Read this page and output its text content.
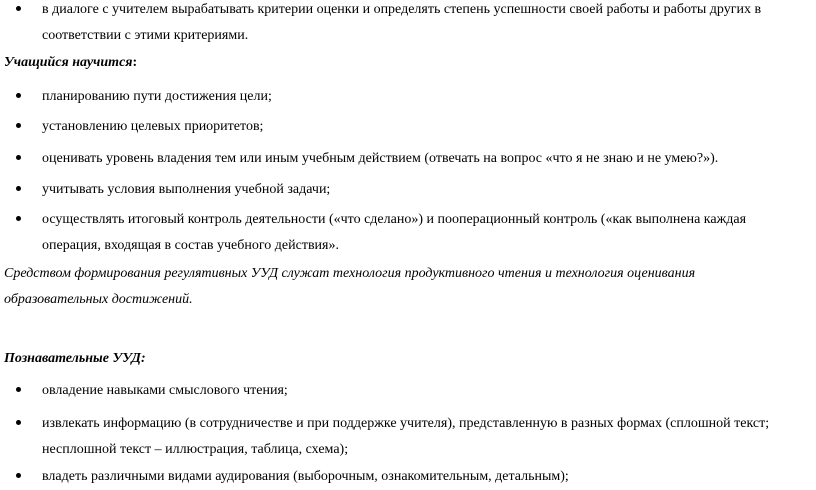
в диалоге с учителем вырабатывать критерии оценки и определять степень успешности своей работы и работы других в соответствии с этими критериями.

Учащийся научится:

планированию пути достижения цели;

установлению целевых приоритетов;

оценивать уровень владения тем или иным учебным действием (отвечать на вопрос «что я не знаю и не умею?»).

учитывать условия выполнения учебной задачи;

осуществлять итоговый контроль деятельности («что сделано») и пооперационный контроль («как выполнена каждая операция, входящая в состав учебного действия».

Средством формирования регулятивных УУД служат технология продуктивного чтения и технология оценивания образовательных достижений.

Познавательные УУД:

овладение навыками смыслового чтения;

извлекать информацию (в сотрудничестве и при поддержке учителя), представленную в разных формах (сплошной текст; несплошной текст – иллюстрация, таблица, схема);

владеть различными видами аудирования (выборочным, ознакомительным, детальным);
